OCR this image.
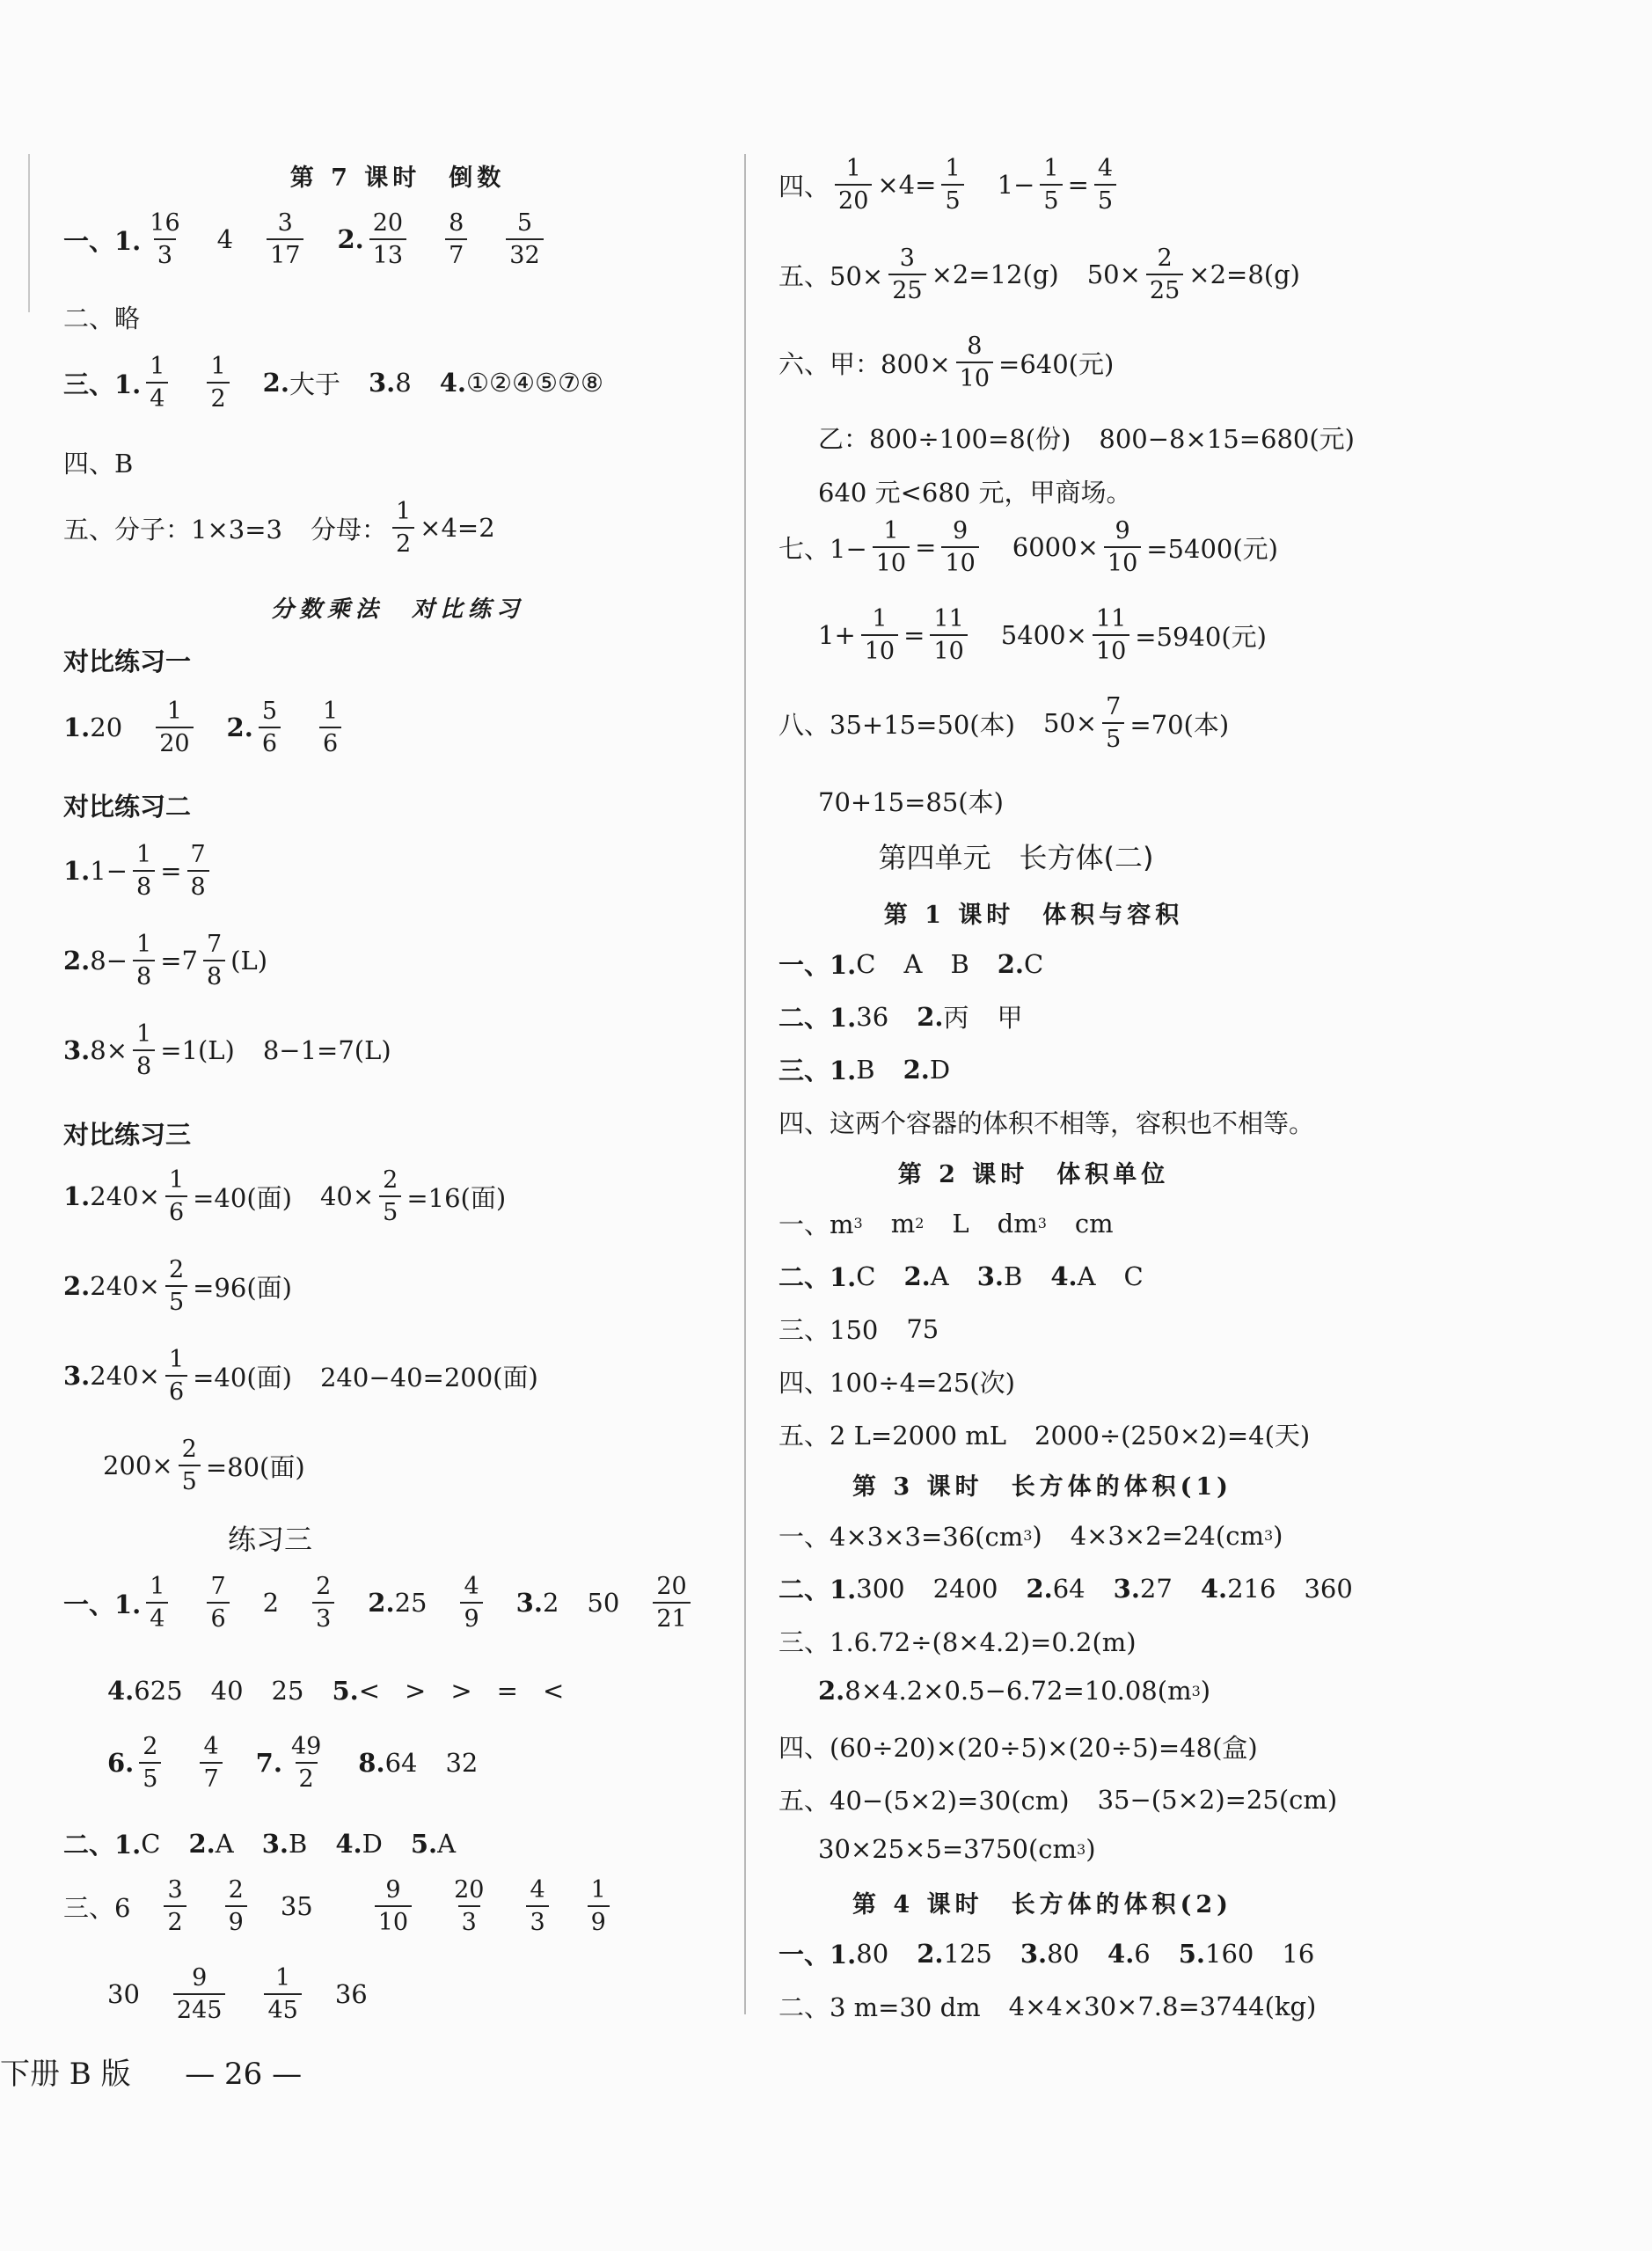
第 7 课时　倒数
一、1. $\frac{16}{3} 4 \frac{3}{17} 2$. $\frac{20}{13} \frac{8}{7} \frac{5}{32}$
二、略
三、1. $\frac{1}{4} \frac{1}{2} 2$. 大于 3. 8 4. ①②④⑤⑦⑧
四、B
五、分子：1×3=3 分母： $\frac{1}{2} \times 4=2$
分数乘法　对比练习
对比练习一
1. $20 \frac{1}{20} 2$. $\frac{5}{6} \frac{1}{6}$
对比练习二
1. $1- \frac{1}{8} = \frac{7}{8}$
2. $8- \frac{1}{8} =7 \frac{7}{8} (L)$
3. $8\times \frac{1}{8} =1(L)$ 8−1=7(L)
对比练习三
1. $240\times \frac{1}{6} =40$(面) $40\times \frac{2}{5} =16$(面)
2. $240\times \frac{2}{5} =96$(面)
3. $240\times \frac{1}{6} =40$(面) 240−40=200(面)
$200\times \frac{2}{5} =80$(面)
练习三
一、1. $\frac{1}{4} \frac{7}{6} 2 \frac{2}{3} 2$. $25 \frac{4}{9} 3$. 2 $50 \frac{20}{21}$
4. 625 40 25 5. < > > = <
6. $\frac{2}{5} \frac{4}{7} 7$. $\frac{49}{2} 8$. 64 32
二、1. C 2. A 3. B 4. D 5. A
三、$6 \frac{3}{2} \frac{2}{9} 35$	$\frac{9}{10} \frac{20}{3} \frac{4}{3} \frac{1}{9}$
$30 \frac{9}{245} \frac{1}{45} 36$
四、 $\frac{1}{20} \times 4= \frac{1}{5} 1- \frac{1}{5} = \frac{4}{5}$
五、$50\times \frac{3}{25} \times 2=12(g)$ $50\times \frac{2}{25} \times 2=8(g)$
六、甲：$800\times \frac{8}{10} =640$(元)
乙：800÷100=8(份) 800−8×15=680(元)
640 元<680 元，甲商场。
七、$1- \frac{1}{10} = \frac{9}{10} 6000\times \frac{9}{10} =5400$(元)
$1+ \frac{1}{10} = \frac{11}{10} 5400\times \frac{11}{10} =5940$(元)
八、35+15=50(本) $50\times \frac{7}{5} =70$(本)
70+15=85(本)
第四单元　长方体(二)
第 1 课时　体积与容积
一、1. C A B 2. C
二、1. 36 2. 丙 甲
三、1. B 2. D
四、这两个容器的体积不相等，容积也不相等。
第 2 课时　体积单位
一、m 3 m 2 L dm 3 cm
二、1. C 2. A 3. B 4. A C
三、150 75
四、100÷4=25(次)
五、2 L=2000 mL 2000÷(250×2)=4(天)
第 3 课时　长方体的体积(1)
一、4×3×3=36(cm 3 ) 4×3×2=24(cm 3 )
二、1. 300 2400 2. 64 3. 27 4. 216 360
三、1.6.72÷(8×4.2)=0.2(m)
2. 8×4.2×0.5−6.72=10.08(m 3 )
四、(60÷20)×(20÷5)×(20÷5)=48(盒)
五、40−(5×2)=30(cm) 35−(5×2)=25(cm)
30×25×5=3750(cm 3 )
第 4 课时　长方体的体积(2)
一、1. 80 2. 125 3. 80 4. 6 5. 160 16
二、3 m=30 dm 4×4×30×7.8=3744(kg)
下册 B 版 — 26 —
